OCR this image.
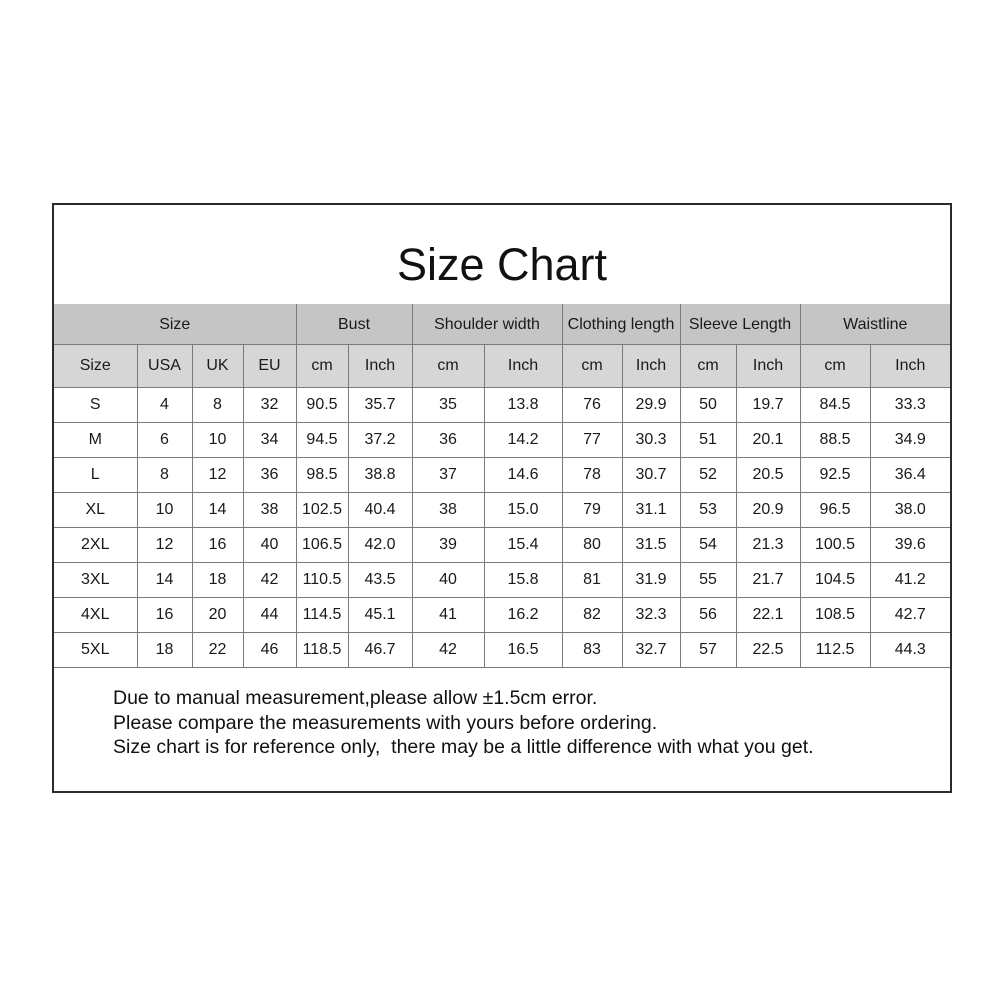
Size Chart
Size				Bust		Shoulder width		Clothing length		Sleeve Length		Waistline	
Size	USA	UK	EU	cm	Inch	cm	Inch	cm	Inch	cm	Inch	cm	Inch
S	4	8	32	90.5	35.7	35	13.8	76	29.9	50	19.7	84.5	33.3
M	6	10	34	94.5	37.2	36	14.2	77	30.3	51	20.1	88.5	34.9
L	8	12	36	98.5	38.8	37	14.6	78	30.7	52	20.5	92.5	36.4
XL	10	14	38	102.5	40.4	38	15.0	79	31.1	53	20.9	96.5	38.0
2XL	12	16	40	106.5	42.0	39	15.4	80	31.5	54	21.3	100.5	39.6
3XL	14	18	42	110.5	43.5	40	15.8	81	31.9	55	21.7	104.5	41.2
4XL	16	20	44	114.5	45.1	41	16.2	82	32.3	56	22.1	108.5	42.7
5XL	18	22	46	118.5	46.7	42	16.5	83	32.7	57	22.5	112.5	44.3
Due to manual measurement,please allow ±1.5cm error.
Please compare the measurements with yours before ordering.
Size chart is for reference only,  there may be a little difference with what you get.
